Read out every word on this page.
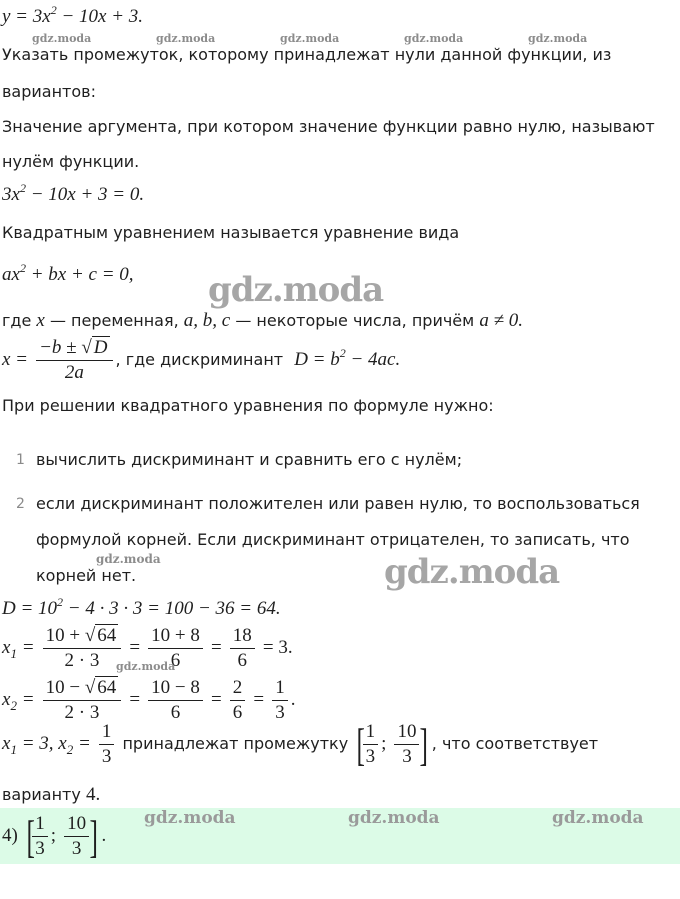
$y = 3x^2 - 10x + 3$.
Указать промежуток, которому принадлежат нули данной функции, из
вариантов:
Значение аргумента, при котором значение функции равно нулю, называют
нулём функции.
$3x^2 - 10x + 3 = 0$.
Квадратным уравнением называется уравнение вида
$ax^2$ + bx + c = 0,
где x — переменная, a, b, c — некоторые числа, причём a ≠ 0.
$x = \frac{-b \pm √ D}{2a}$ , где дискриминант $D = b^2 - 4ac$.
При решении квадратного уравнения по формуле нужно:
1 вычислить дискриминант и сравнить его с нулём;
2 если дискриминант положителен или равен нулю, то воспользоваться
формулой корней. Если дискриминант отрицателен, то записать, что
корней нет.
$D = 10^2 - 4 \cdot 3 \cdot 3 = 100 - 36 = 64$.
$x_1 = \frac{10 + √ 64}{2 \cdot 3} = \frac{10 + 8}{6} = \frac{18}{6} = 3$.
$x_2 = \frac{10 - √ 64}{2 \cdot 3} = \frac{10 - 8}{6} = \frac{2}{6} = \frac{1}{3}$ .
$x_1 = 3$, $x_2 = \frac{1}{3}$ принадлежат промежутку [
$\frac{1}{3}$ ; $\frac{10}{3}$ ] , что соответствует
варианту 4.
4) [
$\frac{1}{3}$ ; $\frac{10}{3}$ ] .
gdz.moda	gdz.moda	gdz.moda	gdz.moda	gdz.moda
gdz.moda
gdz.moda	gdz.moda
gdz.moda
gdz.moda	gdz.moda	gdz.moda
